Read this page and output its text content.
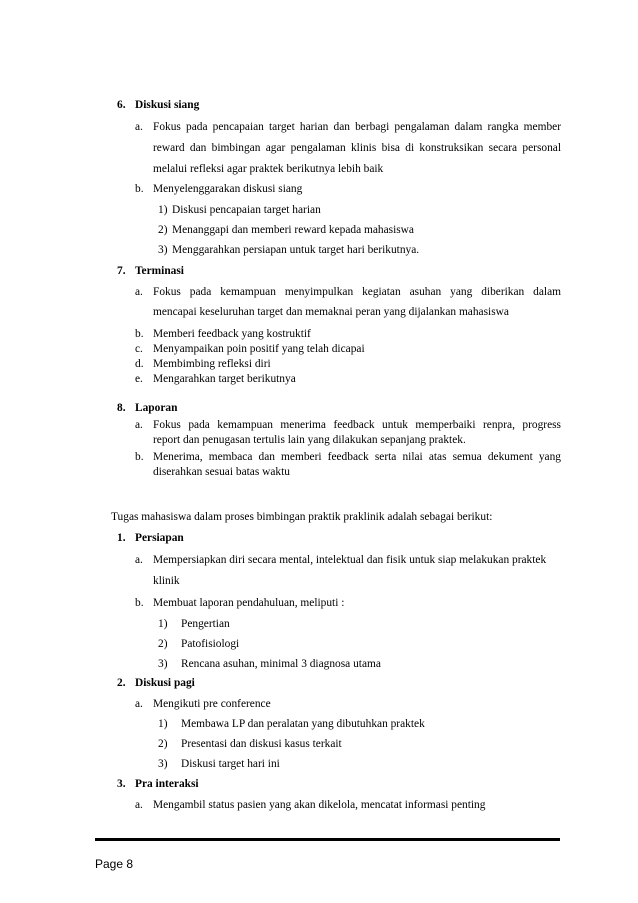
6. Diskusi siang
a. Fokus pada pencapaian target harian dan berbagi pengalaman dalam rangka member
reward dan bimbingan agar pengalaman klinis bisa di konstruksikan secara personal
melalui refleksi agar praktek berikutnya lebih baik
b. Menyelenggarakan diskusi siang
1) Diskusi pencapaian target harian
2) Menanggapi dan memberi reward kepada mahasiswa
3) Menggarahkan persiapan untuk target hari berikutnya.
7. Terminasi
a. Fokus pada kemampuan menyimpulkan kegiatan asuhan yang diberikan dalam
mencapai keseluruhan target dan memaknai peran yang dijalankan mahasiswa
b. Memberi feedback yang kostruktif
c. Menyampaikan poin positif yang telah dicapai
d. Membimbing refleksi diri
e. Mengarahkan target berikutnya
8. Laporan
a. Fokus pada kemampuan menerima feedback untuk memperbaiki renpra, progress
report dan penugasan tertulis lain yang dilakukan sepanjang praktek.
b. Menerima, membaca dan memberi feedback serta nilai atas semua dekument yang
diserahkan sesuai batas waktu
Tugas mahasiswa dalam proses bimbingan praktik praklinik adalah sebagai berikut:
1. Persiapan
a. Mempersiapkan diri secara mental, intelektual dan fisik untuk siap melakukan praktek
klinik
b. Membuat laporan pendahuluan, meliputi :
1) Pengertian
2) Patofisiologi
3) Rencana asuhan, minimal 3 diagnosa utama
2. Diskusi pagi
a. Mengikuti pre conference
1) Membawa LP dan peralatan yang dibutuhkan praktek
2) Presentasi dan diskusi kasus terkait
3) Diskusi target hari ini
3. Pra interaksi
a. Mengambil status pasien yang akan dikelola, mencatat informasi penting
Page 8
